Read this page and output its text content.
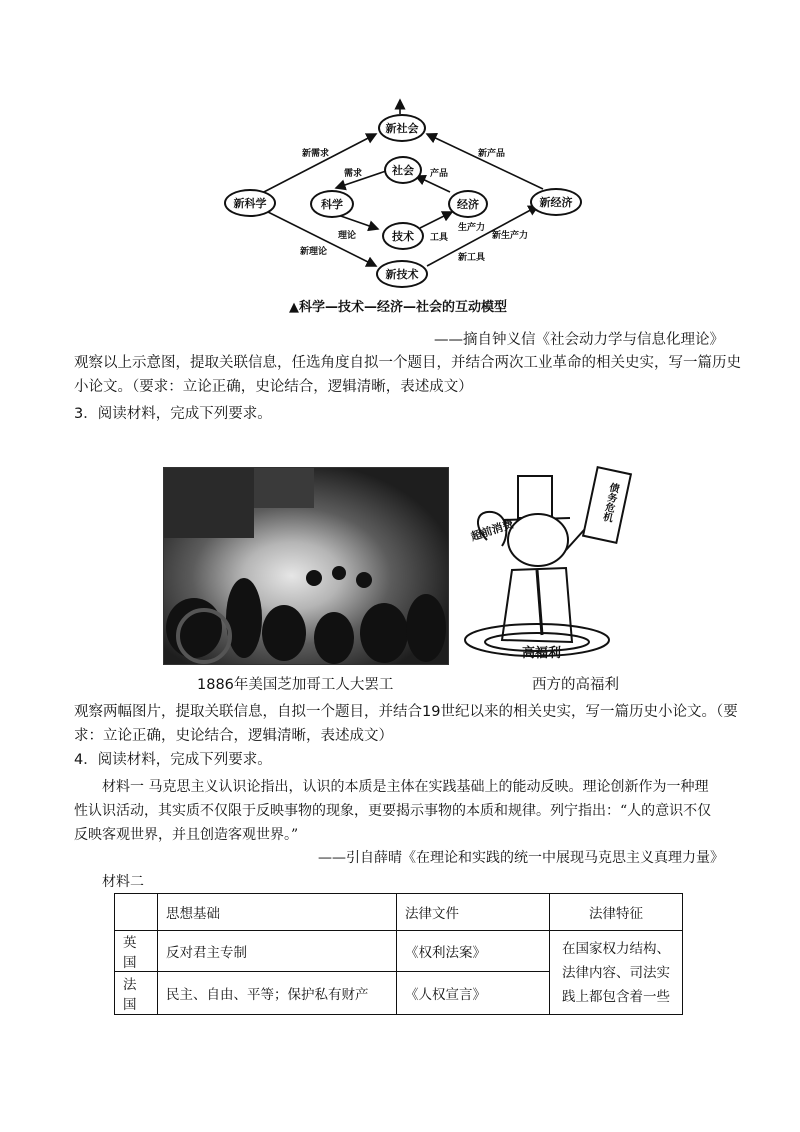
新社会
社会
新科学	科学	经济	新经济
技术
新技术
新需求	新产品
需求	产品
理论	工具
生产力
新生产力
新理论
新工具
▲科学—技术—经济—社会的互动模型
——摘自钟义信《社会动力学与信息化理论》
观察以上示意图，提取关联信息，任选角度自拟一个题目，并结合两次工业革命的相关史实，写一篇历史
小论文。（要求：立论正确，史论结合，逻辑清晰，表述成文）
3．阅读材料，完成下列要求。
超前消费
债务危机
高福利
1886年美国芝加哥工人大罢工	西方的高福利
观察两幅图片，提取关联信息，自拟一个题目，并结合19世纪以来的相关史实，写一篇历史小论文。（要
求：立论正确，史论结合，逻辑清晰，表述成文）
4．阅读材料，完成下列要求。
材料一 马克思主义认识论指出，认识的本质是主体在实践基础上的能动反映。理论创新作为一种理
性认识活动，其实质不仅限于反映事物的现象，更要揭示事物的本质和规律。列宁指出：“人的意识不仅
反映客观世界，并且创造客观世界。”
——引自薛晴《在理论和实践的统一中展现马克思主义真理力量》
材料二
	思想基础	法律文件	法律特征
英国	反对君主专制	《权利法案》	在国家权力结构、
法律内容、司法实
践上都包含着一些

法国	民主、自由、平等；保护私有财产	《人权宣言》	
